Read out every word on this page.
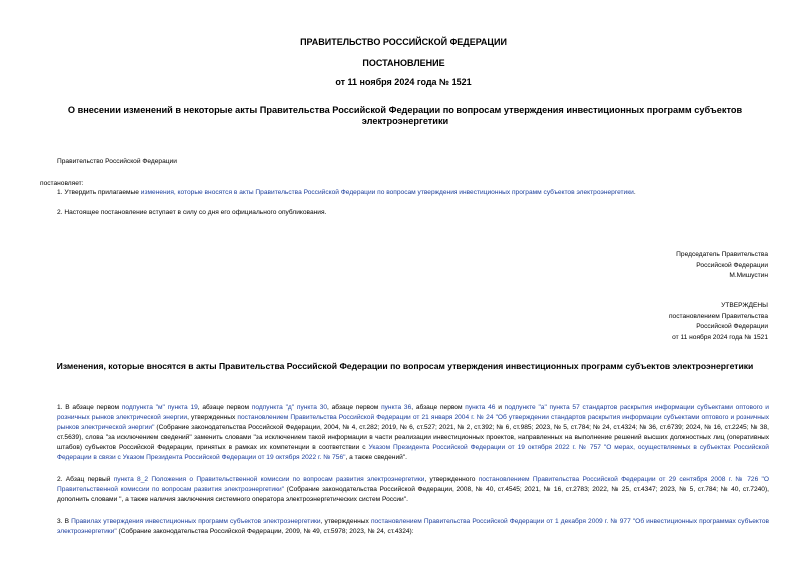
ПРАВИТЕЛЬСТВО РОССИЙСКОЙ ФЕДЕРАЦИИ
ПОСТАНОВЛЕНИЕ
от 11 ноября 2024 года № 1521
О внесении изменений в некоторые акты Правительства Российской Федерации по вопросам утверждения инвестиционных программ субъектов электроэнергетики
Правительство Российской Федерации
постановляет:
1. Утвердить прилагаемые изменения, которые вносятся в акты Правительства Российской Федерации по вопросам утверждения инвестиционных программ субъектов электроэнергетики.
2. Настоящее постановление вступает в силу со дня его официального опубликования.
Председатель Правительства
Российской Федерации
М.Мишустин
УТВЕРЖДЕНЫ
постановлением Правительства
Российской Федерации
от 11 ноября 2024 года № 1521
Изменения, которые вносятся в акты Правительства Российской Федерации по вопросам утверждения инвестиционных программ субъектов электроэнергетики
1. В абзаце первом подпункта "м" пункта 19, абзаце первом подпункта "д" пункта 30, абзаце первом пункта 36, абзаце первом пункта 46 и подпункте "а" пункта 57 стандартов раскрытия информации субъектами оптового и розничных рынков электрической энергии, утвержденных постановлением Правительства Российской Федерации от 21 января 2004 г. № 24 "Об утверждении стандартов раскрытия информации субъектами оптового и розничных рынков электрической энергии" (Собрание законодательства Российской Федерации, 2004, № 4, ст.282; 2019, № 6, ст.527; 2021, № 2, ст.392; № 6, ст.985; 2023, № 5, ст.784; № 24, ст.4324; № 36, ст.6739; 2024, № 16, ст.2245; № 38, ст.5639), слова "за исключением сведений" заменить словами "за исключением такой информации в части реализации инвестиционных проектов, направленных на выполнение решений высших должностных лиц (оперативных штабов) субъектов Российской Федерации, принятых в рамках их компетенции в соответствии с Указом Президента Российской Федерации от 19 октября 2022 г. № 757 "О мерах, осуществляемых в субъектах Российской Федерации в связи с Указом Президента Российской Федерации от 19 октября 2022 г. № 756", а также сведений".
2. Абзац первый пункта 8_2 Положения о Правительственной комиссии по вопросам развития электроэнергетики, утвержденного постановлением Правительства Российской Федерации от 29 сентября 2008 г. № 726 "О Правительственной комиссии по вопросам развития электроэнергетики" (Собрание законодательства Российской Федерации, 2008, № 40, ст.4545; 2021, № 16, ст.2783; 2022, № 25, ст.4347; 2023, № 5, ст.784; № 40, ст.7240), дополнить словами ", а также наличия заключения системного оператора электроэнергетических систем России".
3. В Правилах утверждения инвестиционных программ субъектов электроэнергетики, утвержденных постановлением Правительства Российской Федерации от 1 декабря 2009 г. № 977 "Об инвестиционных программах субъектов электроэнергетики" (Собрание законодательства Российской Федерации, 2009, № 49, ст.5978; 2023, № 24, ст.4324):
